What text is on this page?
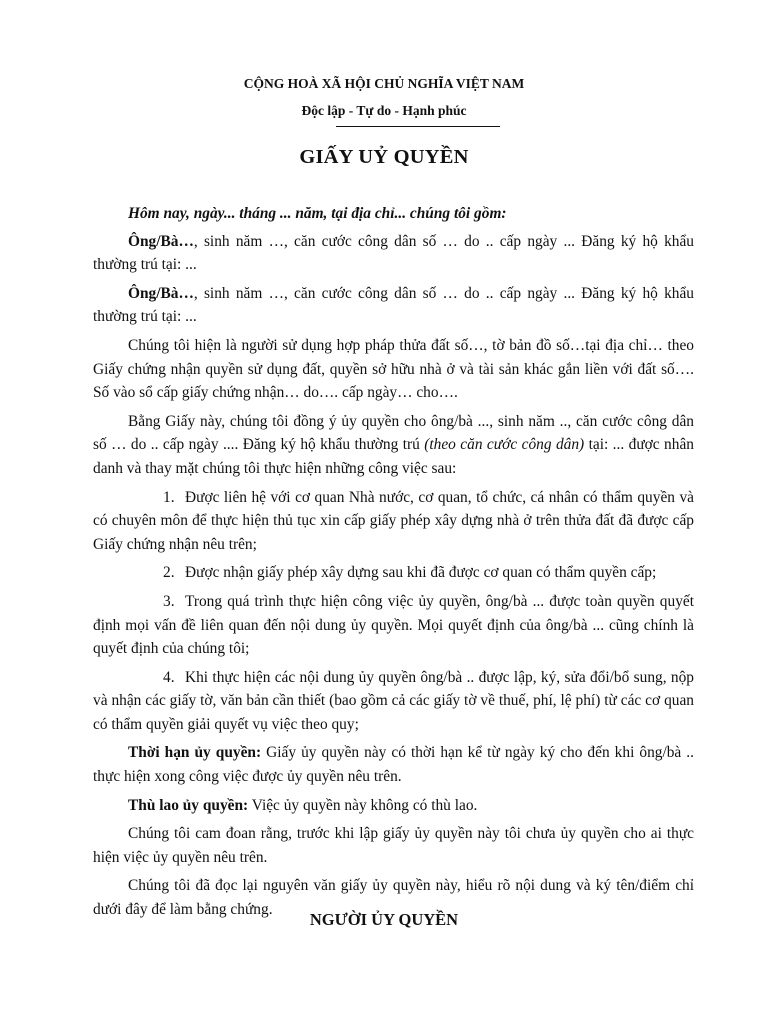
CỘNG HOÀ XÃ HỘI CHỦ NGHĨA VIỆT NAM
Độc lập - Tự do - Hạnh phúc
GIẤY UỶ QUYỀN

Hôm nay, ngày... tháng ... năm, tại địa chỉ... chúng tôi gồm:

Ông/Bà…, sinh năm …, căn cước công dân số … do .. cấp ngày ... Đăng ký hộ khẩu thường trú tại: ...

Ông/Bà…, sinh năm …, căn cước công dân số … do .. cấp ngày ... Đăng ký hộ khẩu thường trú tại: ...

Chúng tôi hiện là người sử dụng hợp pháp thửa đất số…, tờ bản đồ số…tại địa chỉ… theo Giấy chứng nhận quyền sử dụng đất, quyền sở hữu nhà ở và tài sản khác gắn liền với đất số…. Số vào sổ cấp giấy chứng nhận… do…. cấp ngày… cho….

Bằng Giấy này, chúng tôi đồng ý ủy quyền cho ông/bà ..., sinh năm .., căn cước công dân số … do .. cấp ngày .... Đăng ký hộ khẩu thường trú (theo căn cước công dân) tại: ... được nhân danh và thay mặt chúng tôi thực hiện những công việc sau:

1. Được liên hệ với cơ quan Nhà nước, cơ quan, tổ chức, cá nhân có thẩm quyền và có chuyên môn để thực hiện thủ tục xin cấp giấy phép xây dựng nhà ở trên thửa đất đã được cấp Giấy chứng nhận nêu trên;

2. Được nhận giấy phép xây dựng sau khi đã được cơ quan có thẩm quyền cấp;

3. Trong quá trình thực hiện công việc ủy quyền, ông/bà ... được toàn quyền quyết định mọi vấn đề liên quan đến nội dung ủy quyền. Mọi quyết định của ông/bà ... cũng chính là quyết định của chúng tôi;

4. Khi thực hiện các nội dung ủy quyền ông/bà .. được lập, ký, sửa đổi/bổ sung, nộp và nhận các giấy tờ, văn bản cần thiết (bao gồm cả các giấy tờ về thuế, phí, lệ phí) từ các cơ quan có thẩm quyền giải quyết vụ việc theo quy;

Thời hạn ủy quyền: Giấy ủy quyền này có thời hạn kể từ ngày ký cho đến khi ông/bà .. thực hiện xong công việc được ủy quyền nêu trên.

Thù lao ủy quyền: Việc ủy quyền này không có thù lao.

Chúng tôi cam đoan rằng, trước khi lập giấy ủy quyền này tôi chưa ủy quyền cho ai thực hiện việc ủy quyền nêu trên.

Chúng tôi đã đọc lại nguyên văn giấy ủy quyền này, hiểu rõ nội dung và ký tên/điểm chỉ dưới đây để làm bằng chứng.

NGƯỜI ỦY QUYỀN
